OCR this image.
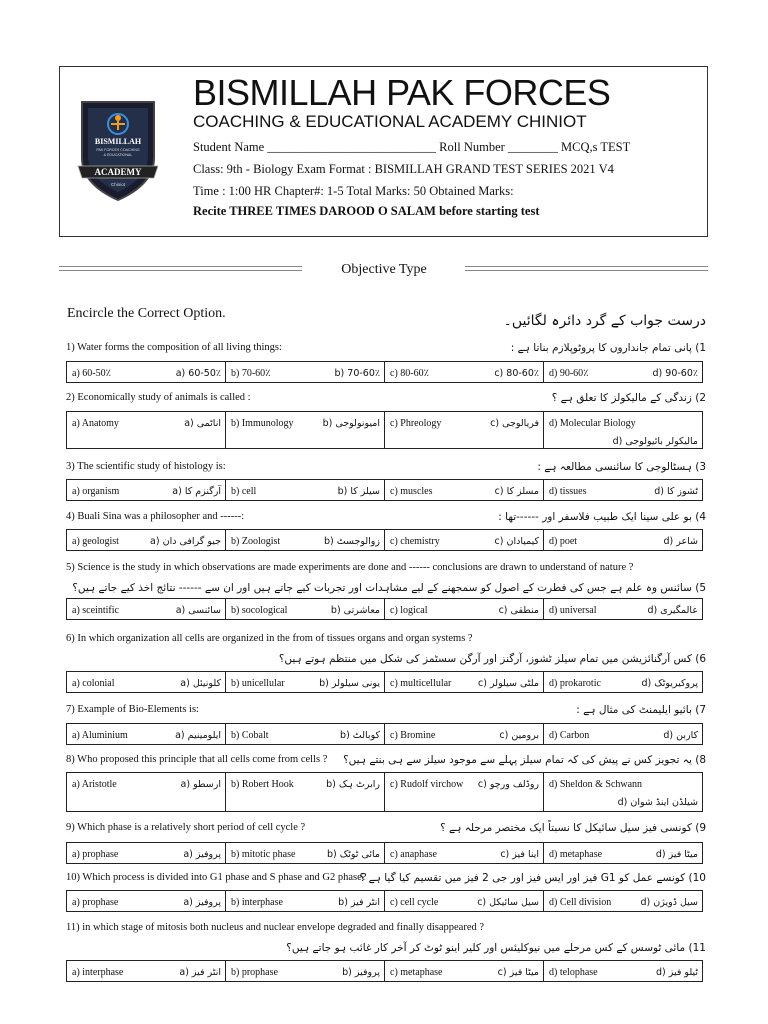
BISMILLAH
PAK FORCES COACHING
& EDUCATIONAL
ACADEMY
Chiniot
BISMILLAH PAK FORCES
COACHING & EDUCATIONAL ACADEMY CHINIOT
Student Name ___________________________ Roll Number ________ MCQ,s TEST
Class: 9th - Biology Exam Format : BISMILLAH GRAND TEST SERIES 2021 V4
Time : 1:00 HR Chapter#: 1-5 Total Marks: 50 Obtained Marks:
Recite THREE TIMES DAROOD O SALAM before starting test
Objective Type
Encircle the Correct Option.	درست جواب کے گرد دائرہ لگائیں۔
1) Water forms the composition of all living things:	1) پانی تمام جانداروں کا پروٹوپلازم بناتا ہے :
a) 60-50٪	a) 60-50٪ b) 70-60٪	b) 70-60٪ c) 80-60٪	c) 80-60٪ d) 90-60٪	d) 90-60٪
2) Economically study of animals is called :	2) زندگی کے مالیکولز کا تعلق ہے ؟
a) Anatomy	اناٹمی (a b) Immunology	امیونولوجی (b c) Phreology	فریالوجی (c d) Molecular Biology
مالیکولر بائیولوجی (d
3) The scientific study of histology is:	3) ہسٹالوجی کا سائنسی مطالعہ ہے :
a) organism	آرگنزم کا (a b) cell	سیلز کا (b c) muscles	مسلز کا (c d) tissues	ٹشوز کا (d
4) Buali Sina was a philosopher and ------:	4) بو علی سینا ایک طبیب فلاسفر اور ------تھا :
a) geologist	جیو گرافی دان (a b) Zoologist	زوالوجسٹ (b c) chemistry	کیمیادان (c d) poet	شاعر (d
5) Science is the study in which observations are made experiments are done and ------ conclusions are drawn to understand of nature ?
5) سائنس وہ علم ہے جس کی فطرت کے اصول کو سمجھنے کے لیے مشاہدات اور تجربات کیے جاتے ہیں اور ان سے ------ نتائج اخذ کیے جاتے ہیں؟
a) sceintific	سائنسی (a b) socological	معاشرتی (b c) logical	منطقی (c d) universal	عالمگیری (d
6) In which organization all cells are organized in the from of tissues organs and organ systems ?
6) کس آرگنائزیشن میں تمام سیلز ٹشوز، آرگنز اور آرگن سسٹمز کی شکل میں منتظم ہوتے ہیں؟
a) colonial	کلونیئل (a b) unicellular	یونی سیلولر (b c) multicellular	ملٹی سیلولر (c d) prokarotic	پروکیریوٹک (d
7) Example of Bio-Elements is:	7) بائیو ایلیمنٹ کی مثال ہے :
a) Aluminium	ایلومینیم (a b) Cobalt	کوبالٹ (b c) Bromine	برومین (c d) Carbon	کاربن (d
8) Who proposed this principle that all cells come from cells ? 8) یہ تجویز کس نے پیش کی کہ تمام سیلز پہلے سے موجود سیلز سے ہی بنتے ہیں؟
a) Aristotle	ارسطو (a b) Robert Hook	رابرٹ ہک (b c) Rudolf virchow روڈلف ورچو (c d) Sheldon & Schwann
شیلڈن اینڈ شوان (d
9) Which phase is a relatively short period of cell cycle ?	9) کونسی فیز سیل سائیکل کا نسبتاً ایک مختصر مرحلہ ہے ؟
a) prophase	پروفیز (a b) mitotic phase	مائی ٹوٹک (b c) anaphase	اینا فیز (c d) metaphase	میٹا فیز (d
10) Which process is divided into G1 phase and S phase and G2 phase?
10) کونسے عمل کو G1 فیز اور ایس فیز اور جی 2 فیز میں تقسیم کیا گیا ہے ؟
a) prophase	پروفیز (a b) interphase	انٹر فیز (b c) cell cycle	سیل سائیکل (c d) Cell division	سیل ڈویژن (d
11) in which stage of mitosis both nucleus and nuclear envelope degraded and finally disappeared ?
11) مائی ٹوسس کے کس مرحلے میں نیوکلیئس اور کلیر اینو ٹوٹ کر آخر کار غائب ہو جاتے ہیں؟
a) interphase	انٹر فیز (a b) prophase	پروفیز (b c) metaphase	میٹا فیز (c d) telophase	ٹیلو فیز (d
